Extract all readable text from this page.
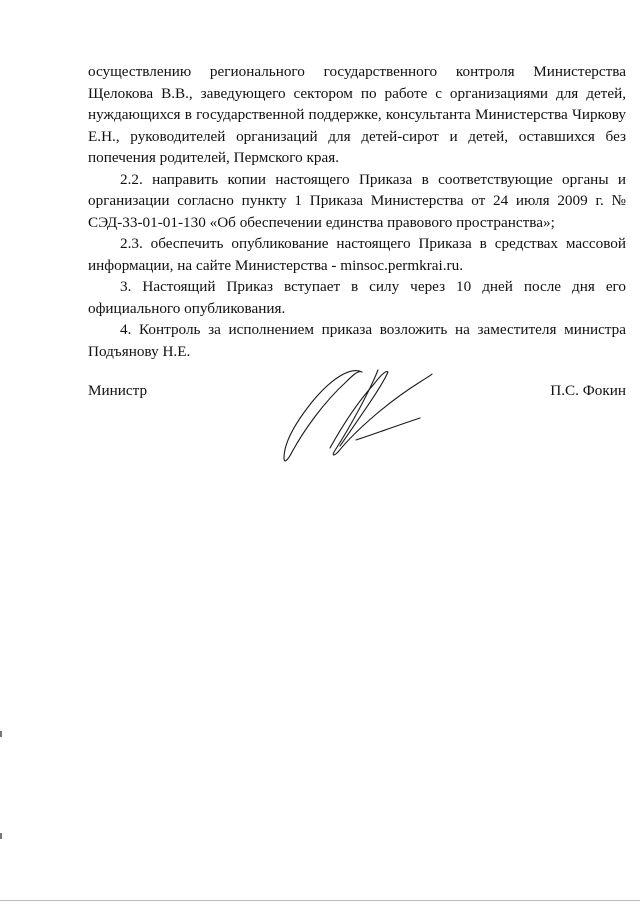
осуществлению регионального государственного контроля Министерства Щелокова В.В., заведующего сектором по работе с организациями для детей, нуждающихся в государственной поддержке, консультанта Министерства Чиркову Е.Н., руководителей организаций для детей-сирот и детей, оставшихся без попечения родителей, Пермского края.

2.2. направить копии настоящего Приказа в соответствующие органы и организации согласно пункту 1 Приказа Министерства от 24 июля 2009 г. № СЭД-33-01-01-130 «Об обеспечении единства правового пространства»;

2.3. обеспечить опубликование настоящего Приказа в средствах массовой информации, на сайте Министерства - minsoc.permkrai.ru.

3. Настоящий Приказ вступает в силу через 10 дней после дня его официального опубликования.

4. Контроль за исполнением приказа возложить на заместителя министра Подъянову Н.Е.

Министр	П.С. Фокин
